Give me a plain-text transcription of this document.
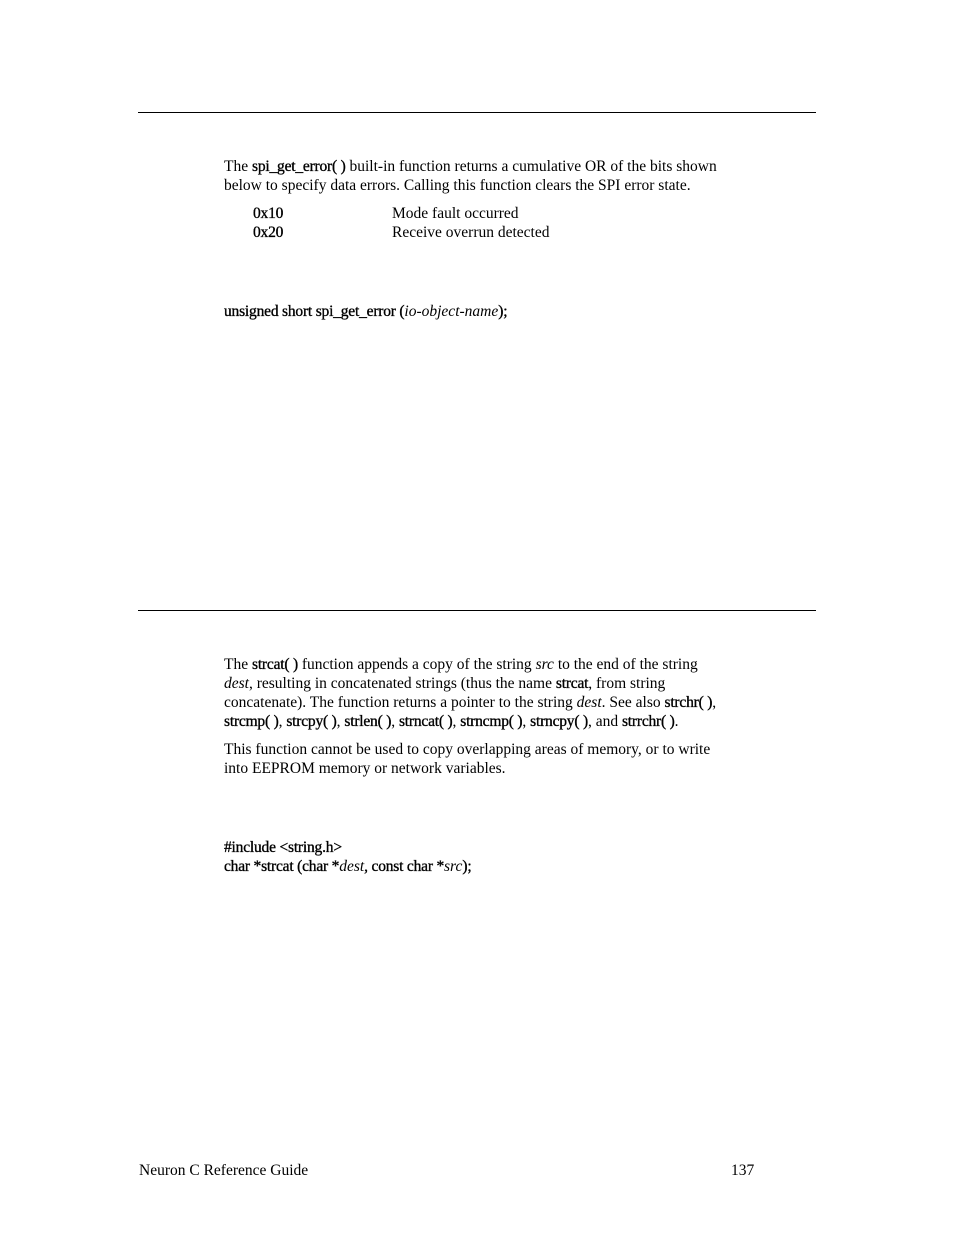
The spi_get_error( ) built-in function returns a cumulative OR of the bits shown
below to specify data errors. Calling this function clears the SPI error state.
0x10	Mode fault occurred
0x20	Receive overrun detected
unsigned short spi_get_error (io-object-name);
The strcat( ) function appends a copy of the string src to the end of the string
dest, resulting in concatenated strings (thus the name strcat, from string
concatenate). The function returns a pointer to the string dest. See also strchr( ),
strcmp( ), strcpy( ), strlen( ), strncat( ), strncmp( ), strncpy( ), and strrchr( ).
This function cannot be used to copy overlapping areas of memory, or to write
into EEPROM memory or network variables.
#include <string.h>
char *strcat (char *dest, const char *src);
Neuron C Reference Guide	137
